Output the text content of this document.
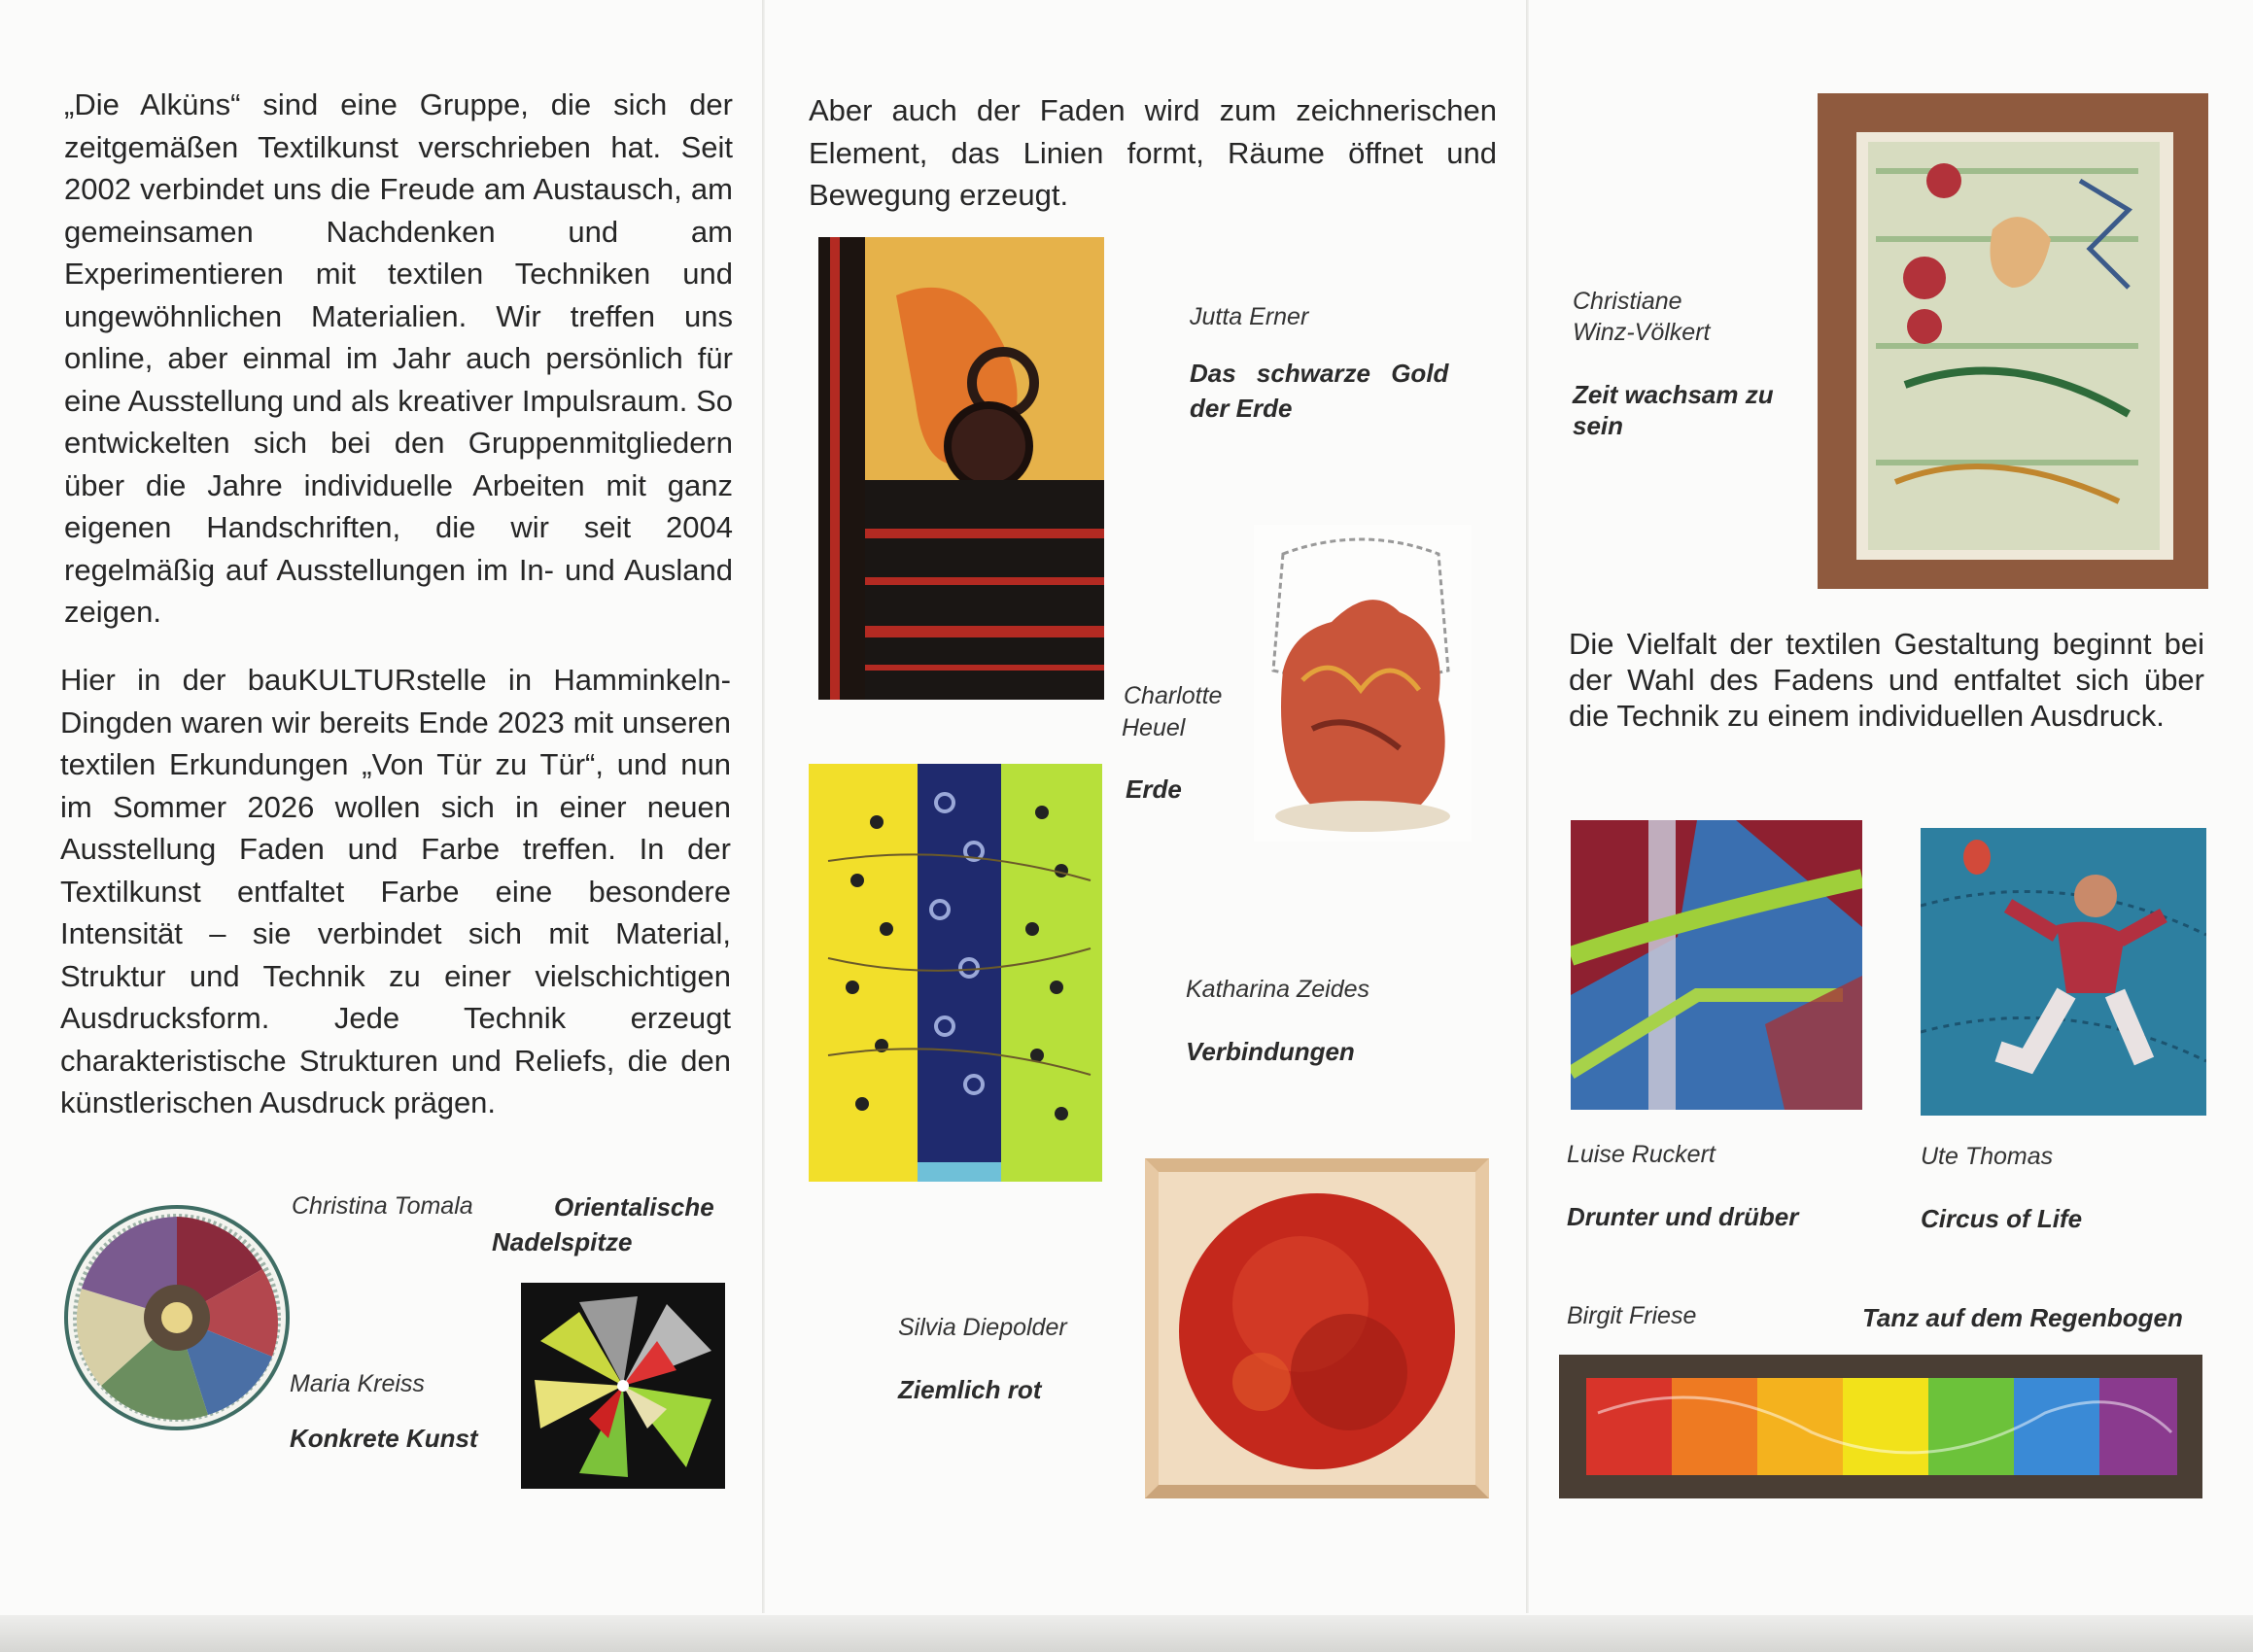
„Die Alküns“ sind eine Gruppe, die sich der zeitgemäßen Textilkunst verschrieben hat. Seit 2002 verbindet uns die Freude am Austausch, am gemeinsamen Nachdenken und am Experimentieren mit textilen Techniken und ungewöhnlichen Materialien. Wir treffen uns online, aber einmal im Jahr auch persönlich für eine Ausstellung und als kreativer Impulsraum. So entwickelten sich bei den Gruppenmitgliedern über die Jahre individuelle Arbeiten mit ganz eigenen Handschriften, die wir seit 2004 regelmäßig auf Ausstellungen im In- und Ausland zeigen.

Hier in der bauKULTURstelle in Hamminkeln-Dingden waren wir bereits Ende 2023 mit unseren textilen Erkundungen „Von Tür zu Tür“, und nun im Sommer 2026 wollen sich in einer neuen Ausstellung Faden und Farbe treffen. In der Textilkunst entfaltet Farbe eine besondere Intensität – sie verbindet sich mit Material, Struktur und Technik zu einer vielschichtigen Ausdrucksform. Jede Technik erzeugt charakteristische Strukturen und Reliefs, die den künstlerischen Ausdruck prägen.

Christina Tomala	Orientalische
Nadelspitze
Maria Kreiss
Konkrete Kunst

Aber auch der Faden wird zum zeichnerischen Element, das Linien formt, Räume öffnet und Bewegung erzeugt.

Jutta Erner
Das schwarze Gold
der Erde
Charlotte
Heuel
Erde
Katharina Zeides
Verbindungen
Silvia Diepolder
Ziemlich rot
Christiane
Winz-Völkert
Zeit wachsam zu
sein

Die Vielfalt der textilen Gestaltung beginnt bei der Wahl des Fadens und entfaltet sich über die Technik zu einem individuellen Ausdruck.

Luise Ruckert
Drunter und drüber
Ute Thomas
Circus of Life
Birgit Friese	Tanz auf dem Regenbogen
